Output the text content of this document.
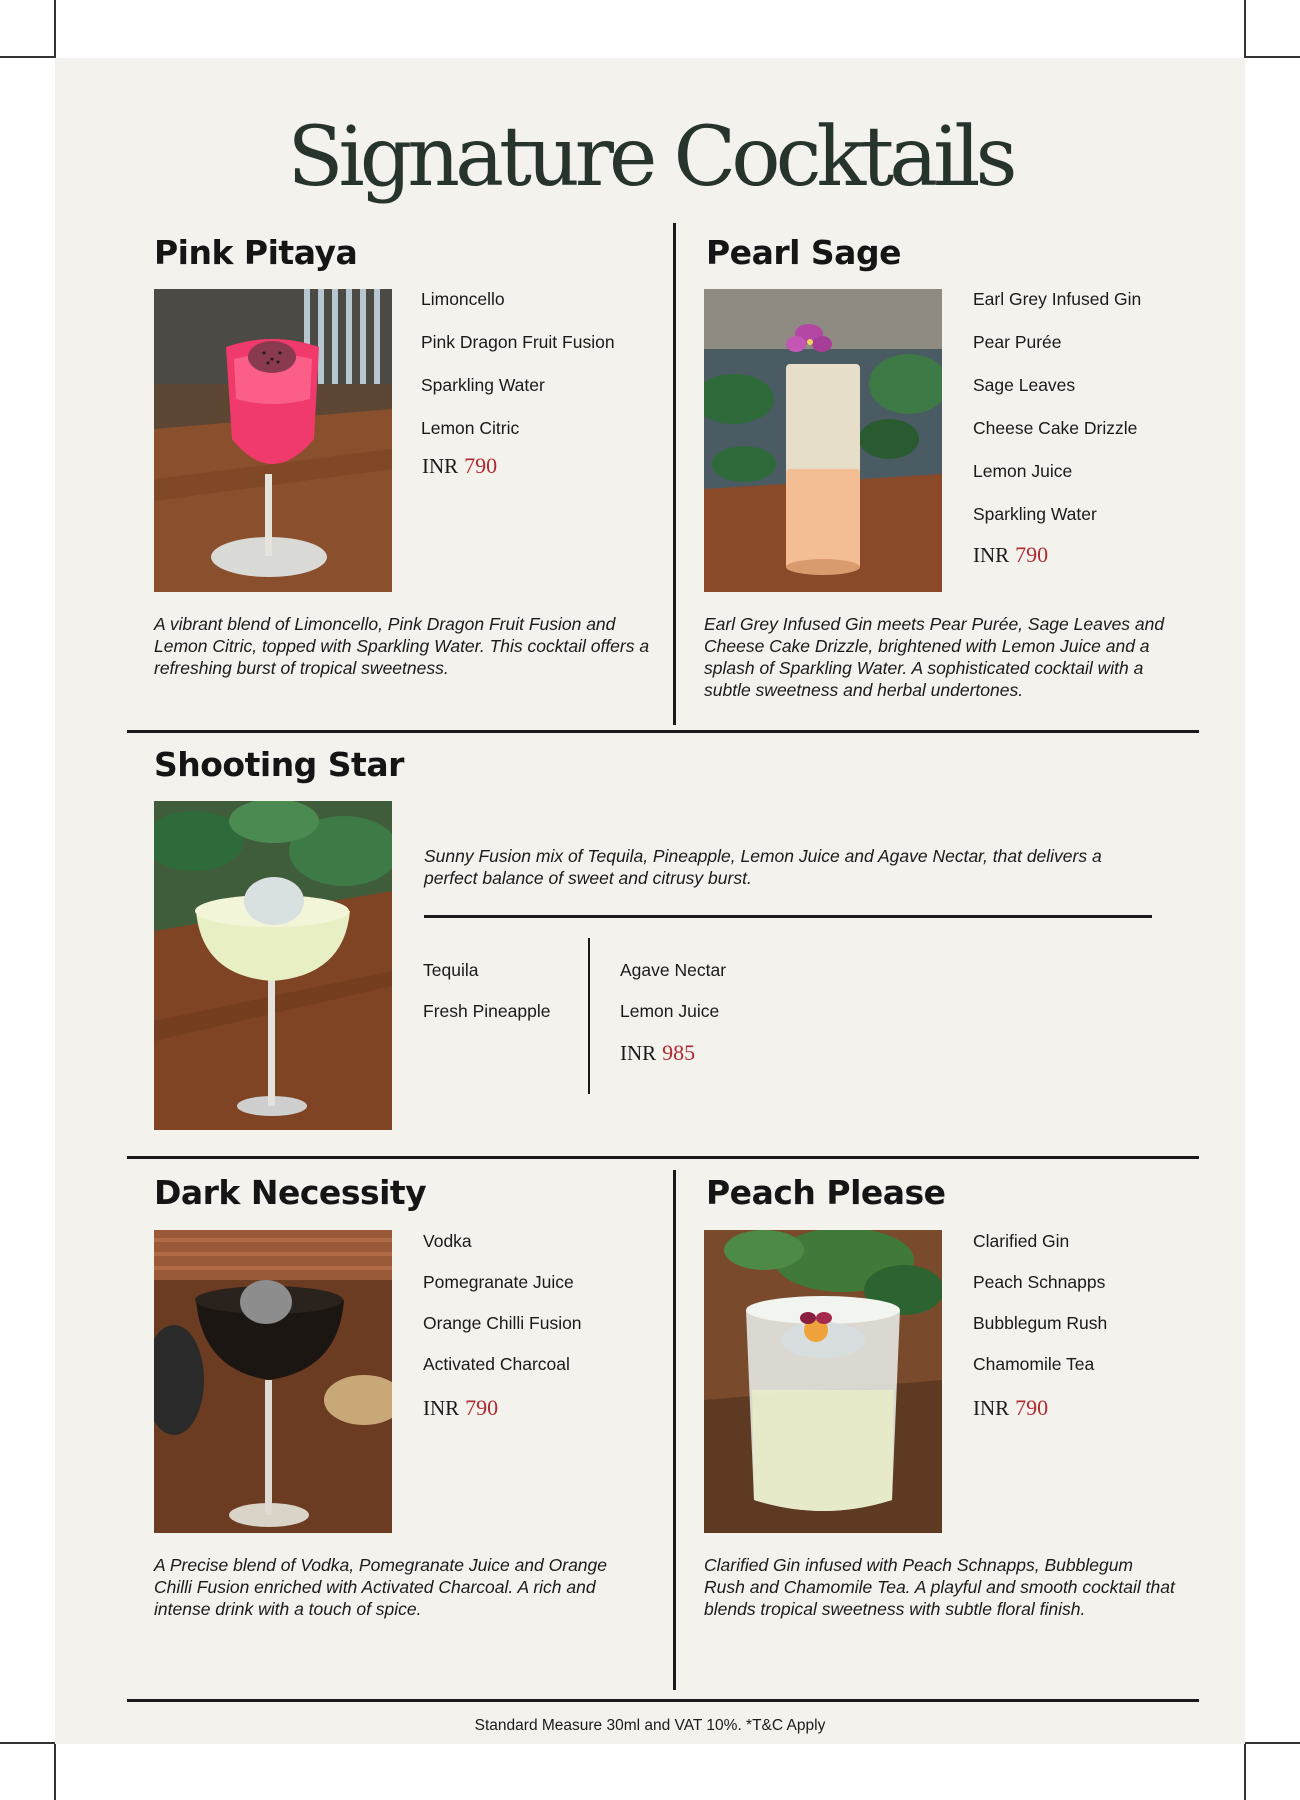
Signature Cocktails
Pink Pitaya
Limoncello
Pink Dragon Fruit Fusion
Sparkling Water
Lemon Citric
INR 790

A vibrant blend of Limoncello, Pink Dragon Fruit Fusion and Lemon Citric, topped with Sparkling Water. This cocktail offers a refreshing burst of tropical sweetness.

Pearl Sage
Earl Grey Infused Gin
Pear Purée
Sage Leaves
Cheese Cake Drizzle
Lemon Juice
Sparkling Water
INR 790

Earl Grey Infused Gin meets Pear Purée, Sage Leaves and Cheese Cake Drizzle, brightened with Lemon Juice and a splash of Sparkling Water. A sophisticated cocktail with a subtle sweetness and herbal undertones.

Shooting Star

Sunny Fusion mix of Tequila, Pineapple, Lemon Juice and Agave Nectar, that delivers a perfect balance of sweet and citrusy burst.

Tequila
Fresh Pineapple
Agave Nectar
Lemon Juice
INR 985
Dark Necessity
Vodka
Pomegranate Juice
Orange Chilli Fusion
Activated Charcoal
INR 790

A Precise blend of Vodka, Pomegranate Juice and Orange Chilli Fusion enriched with Activated Charcoal. A rich and intense drink with a touch of spice.

Peach Please
Clarified Gin
Peach Schnapps
Bubblegum Rush
Chamomile Tea
INR 790

Clarified Gin infused with Peach Schnapps, Bubblegum Rush and Chamomile Tea. A playful and smooth cocktail that blends tropical sweetness with subtle floral finish.

Standard Measure 30ml and VAT 10%. *T&C Apply
